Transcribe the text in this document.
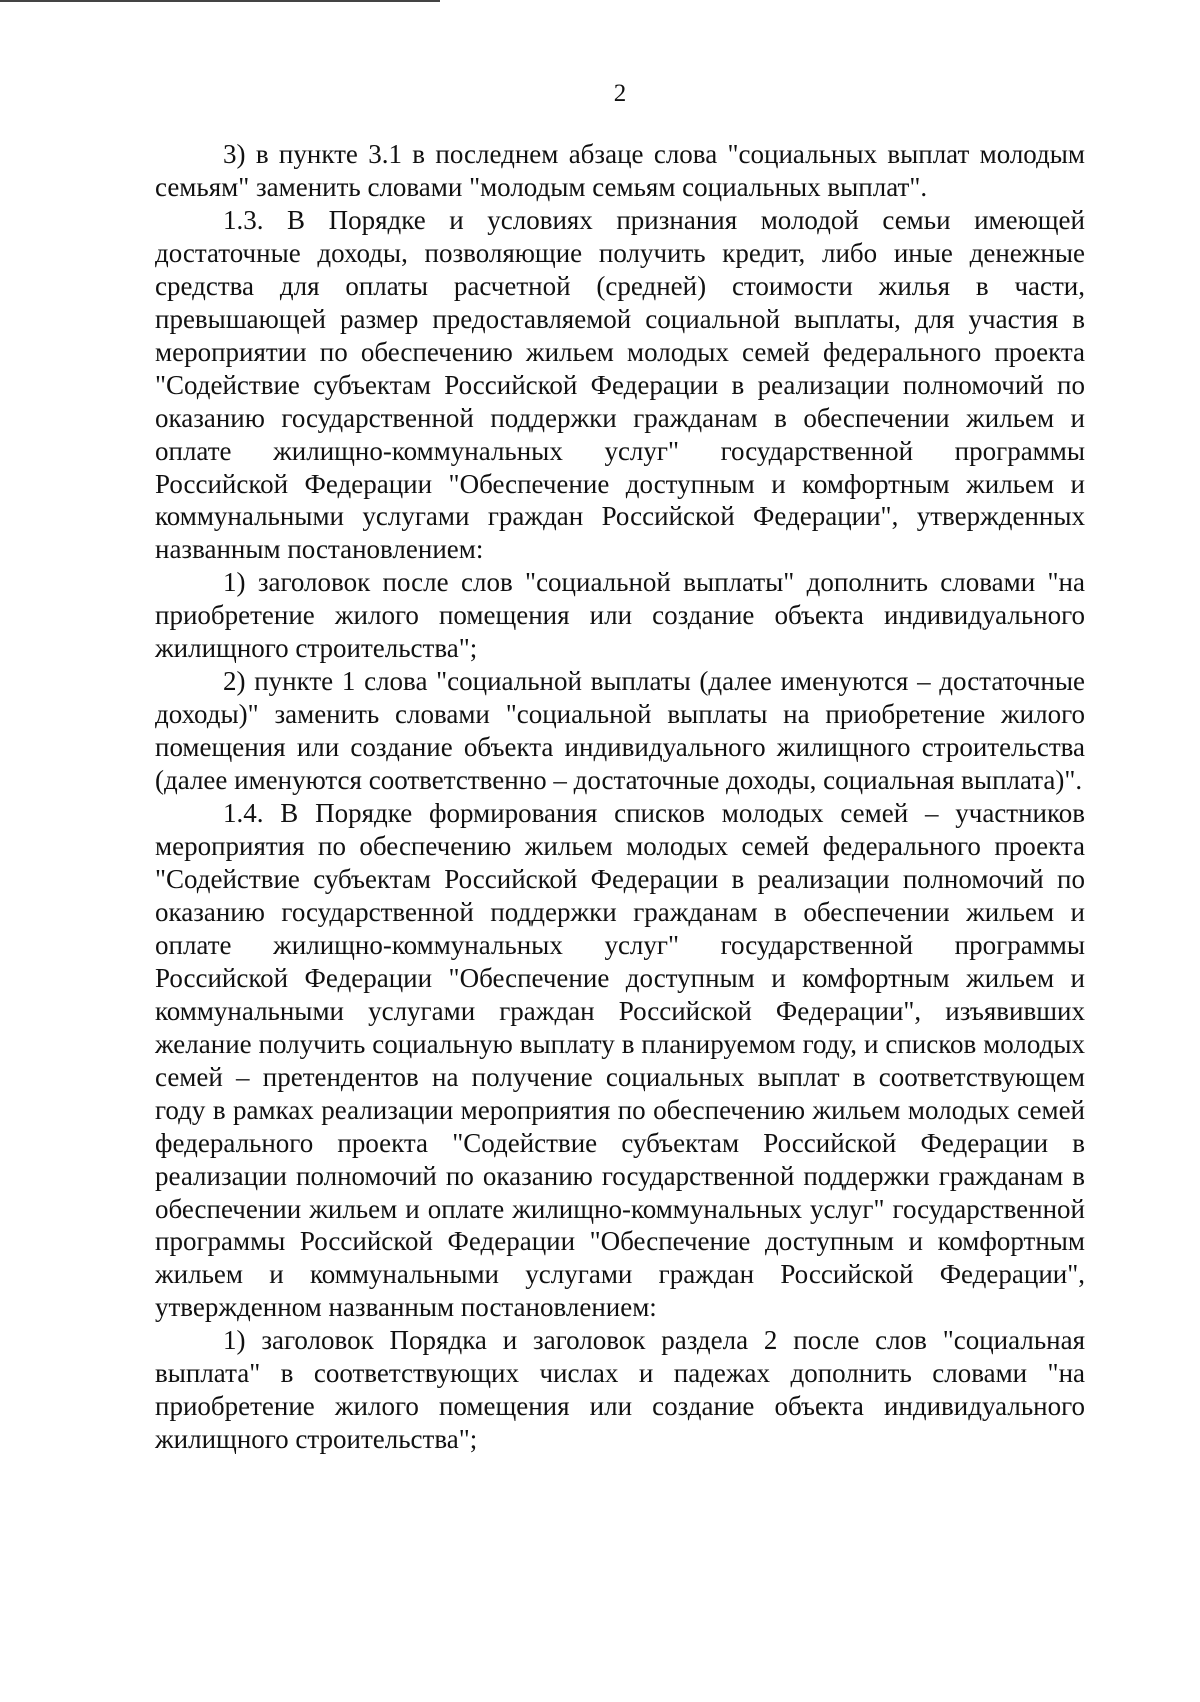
2

3) в пункте 3.1 в последнем абзаце слова "социальных выплат молодым семьям" заменить словами "молодым семьям социальных выплат".

1.3. В Порядке и условиях признания молодой семьи имеющей достаточные доходы, позволяющие получить кредит, либо иные денежные средства для оплаты расчетной (средней) стоимости жилья в части, превышающей размер предоставляемой социальной выплаты, для участия в мероприятии по обеспечению жильем молодых семей федерального проекта "Содействие субъектам Российской Федерации в реализации полномочий по оказанию государственной поддержки гражданам в обеспечении жильем и оплате жилищно-коммунальных услуг" государственной программы Российской Федерации "Обеспечение доступным и комфортным жильем и коммунальными услугами граждан Российской Федерации", утвержденных названным постановлением:

1) заголовок после слов "социальной выплаты" дополнить словами "на приобретение жилого помещения или создание объекта индивидуального жилищного строительства";

2) пункте 1 слова "социальной выплаты (далее именуются – достаточные доходы)" заменить словами "социальной выплаты на приобретение жилого помещения или создание объекта индивидуального жилищного строительства (далее именуются соответственно – достаточные доходы, социальная выплата)".

1.4. В Порядке формирования списков молодых семей – участников мероприятия по обеспечению жильем молодых семей федерального проекта "Содействие субъектам Российской Федерации в реализации полномочий по оказанию государственной поддержки гражданам в обеспечении жильем и оплате жилищно-коммунальных услуг" государственной программы Российской Федерации "Обеспечение доступным и комфортным жильем и коммунальными услугами граждан Российской Федерации", изъявивших желание получить социальную выплату в планируемом году, и списков молодых семей – претендентов на получение социальных выплат в соответствующем году в рамках реализации мероприятия по обеспечению жильем молодых семей федерального проекта "Содействие субъектам Российской Федерации в реализации полномочий по оказанию государственной поддержки гражданам в обеспечении жильем и оплате жилищно-коммунальных услуг" государственной программы Российской Федерации "Обеспечение доступным и комфортным жильем и коммунальными услугами граждан Российской Федерации", утвержденном названным постановлением:

1) заголовок Порядка и заголовок раздела 2 после слов "социальная выплата" в соответствующих числах и падежах дополнить словами "на приобретение жилого помещения или создание объекта индивидуального жилищного строительства";
